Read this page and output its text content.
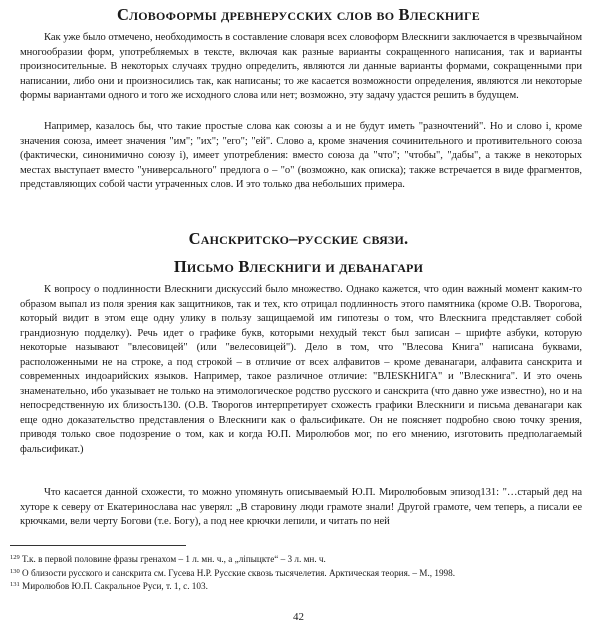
Словоформы древнерусских слов во Влескниге

Как уже было отмечено, необходимость в составление словаря всех словоформ Влескниги заключается в чрезвычайном многообразии форм, употребляемых в тексте, включая как разные варианты сокращенного написания, так и варианты произносительные. В некоторых случаях трудно определить, являются ли данные варианты формами, сокращенными при написании, либо они и произносились так, как написаны; то же касается возможности определения, являются ли некоторые формы вариантами одного и того же исходного слова или нет; возможно, эту задачу удастся решить в будущем.

Например, казалось бы, что такие простые слова как союзы а и не будут иметь "разночтений". Но и слово і, кроме значения союза, имеет значения "им"; "их"; "его"; "ей". Слово а, кроме значения сочинительного и противительного союза (фактически, синонимично союзу і), имеет употребления: вместо союза да "что"; "чтобы", "дабы", а также в некоторых местах выступает вместо "универсального" предлога о – "о" (возможно, как описка); также встречается в виде фрагментов, представляющих собой части утраченных слов. И это только два небольших примера.

Санскритско–русские связи.
Письмо Влескниги и деванагари

К вопросу о подлинности Влескниги дискуссий было множество. Однако кажется, что один важный момент каким-то образом выпал из поля зрения как защитников, так и тех, кто отрицал подлинность этого памятника (кроме О.В. Творогова, который видит в этом еще одну улику в пользу защищаемой им гипотезы о том, что Влескнига представляет собой грандиозную подделку). Речь идет о графике букв, которыми нехудый текст был записан – шрифте азбуки, которую некоторые называют "влесовицей" (или "велесовицей"). Дело в том, что "Влесова Книга" написана буквами, расположенными не на строке, а под строкой – в отличие от всех алфавитов – кроме деванагари, алфавита санскрита и современных индоарийских языков. Например, такое различное отличие: "ВЛЕSКНИГА" и "Влескнига". И это очень знаменательно, ибо указывает не только на этимологическое родство русского и санскрита (что давно уже известно), но и на непосредственную их близость130. (О.В. Творогов интерпретирует схожесть графики Влескниги и письма деванагари как еще одно доказательство представления о Влескниги как о фальсификате. Он не поясняет подробно свою точку зрения, приводя только свое подозрение о том, как и когда Ю.П. Миролюбов мог, по его мнению, изготовить предполагаемый фальсификат.)

Что касается данной схожести, то можно упомянуть описываемый Ю.П. Миролюбовым эпизод131: "…старый дед на хуторе к северу от Екатеринослава нас уверял: „В старовину люди грамоте знали! Другой грамоте, чем теперь, а писали ее крючками, вели черту Богови (т.е. Богу), а под нее крючки лепили, и читать по ней

$^{129}$ Т.к. в первой половине фразы гренахом – 1 л. мн. ч., а „ліпыцкте“ – 3 л. мн. ч.

$^{130}$ О близости русского и санскрита см. Гусева Н.Р. Русские сквозь тысячелетия. Арктическая теория. – М., 1998.

$^{131}$ Миролюбов Ю.П. Сакральное Руси, т. 1, с. 103.

42
